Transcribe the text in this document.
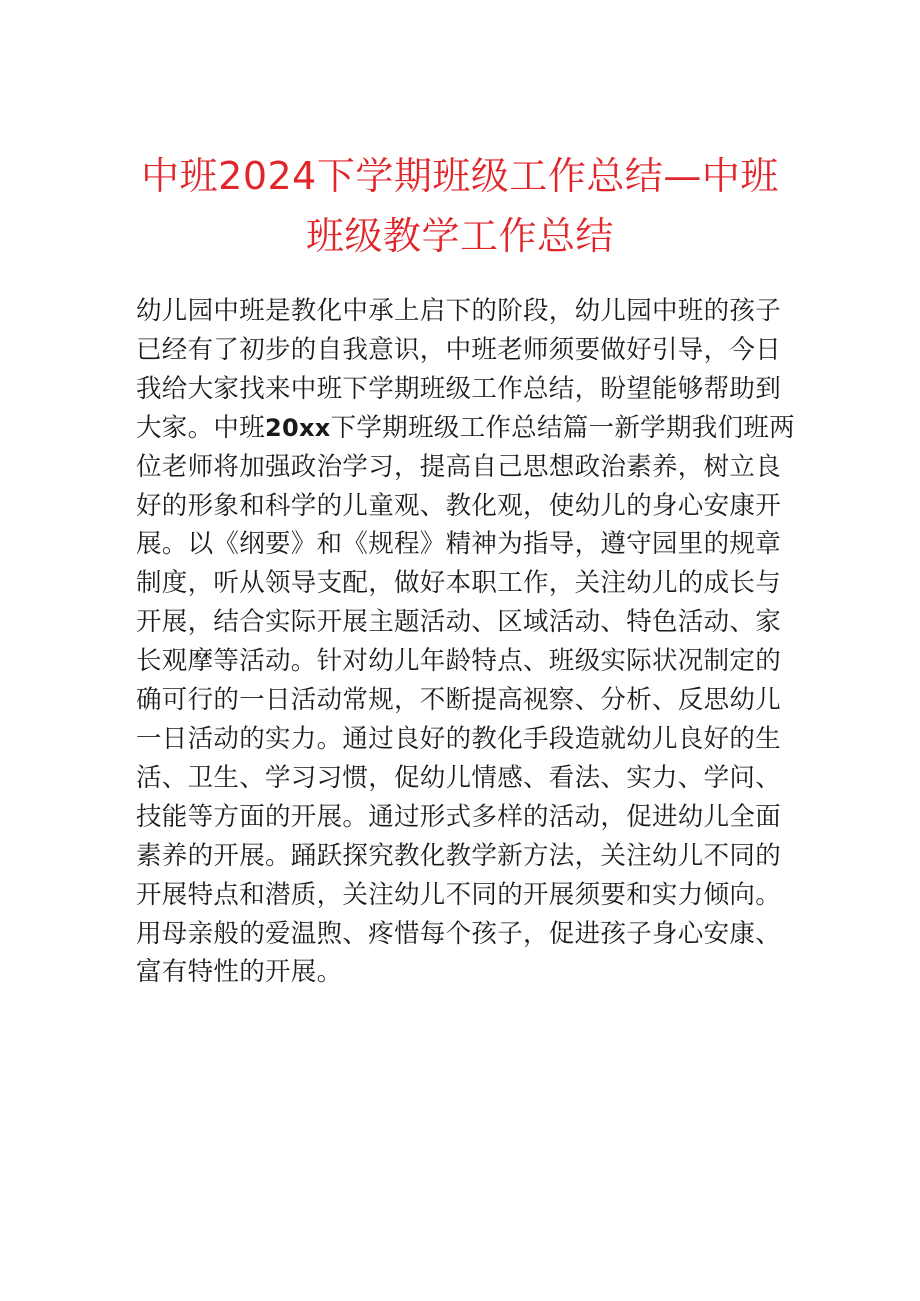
中班2024下学期班级工作总结—中班
班级教学工作总结
幼儿园中班是教化中承上启下的阶段，幼儿园中班的孩子
已经有了初步的自我意识，中班老师须要做好引导，今日
我给大家找来中班下学期班级工作总结，盼望能够帮助到
大家。中班20xx下学期班级工作总结篇一新学期我们班两
位老师将加强政治学习，提高自己思想政治素养，树立良
好的形象和科学的儿童观、教化观，使幼儿的身心安康开
展。以《纲要》和《规程》精神为指导，遵守园里的规章
制度，听从领导支配，做好本职工作，关注幼儿的成长与
开展，结合实际开展主题活动、区域活动、特色活动、家
长观摩等活动。针对幼儿年龄特点、班级实际状况制定的
确可行的一日活动常规，不断提高视察、分析、反思幼儿
一日活动的实力。通过良好的教化手段造就幼儿良好的生
活、卫生、学习习惯，促幼儿情感、看法、实力、学问、
技能等方面的开展。通过形式多样的活动，促进幼儿全面
素养的开展。踊跃探究教化教学新方法，关注幼儿不同的
开展特点和潜质，关注幼儿不同的开展须要和实力倾向。
用母亲般的爱温煦、疼惜每个孩子，促进孩子身心安康、
富有特性的开展。
